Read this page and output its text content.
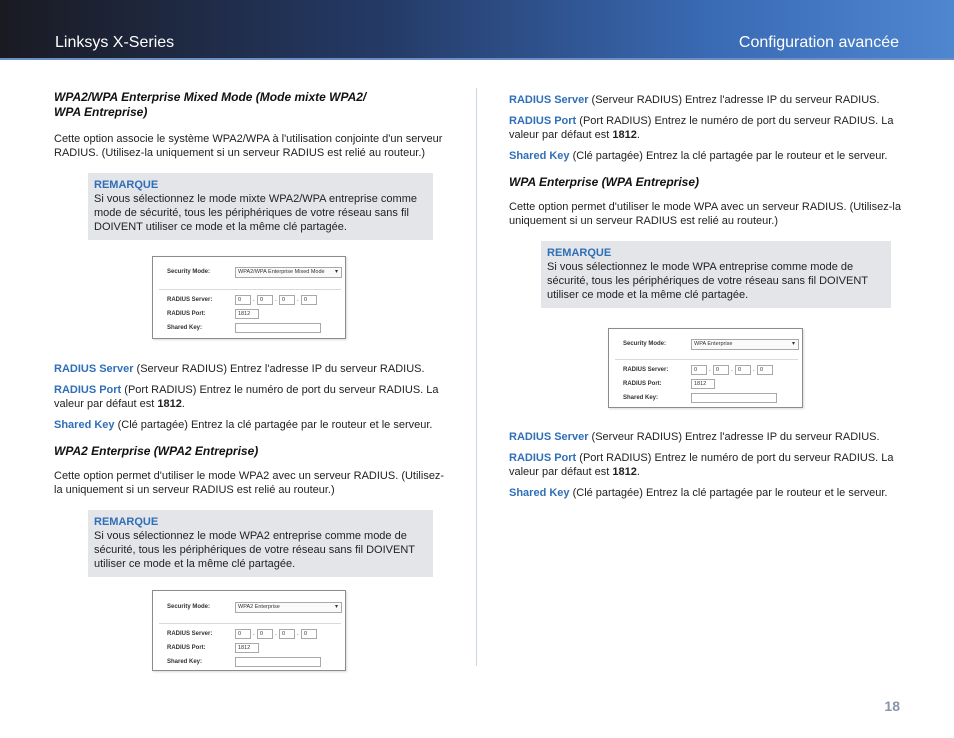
Linksys X-Series	Configuration avancée
WPA2/WPA Enterprise Mixed Mode (Mode mixte WPA2/
WPA Entreprise)

Cette option associe le système WPA2/WPA à l'utilisation conjointe d'un serveur RADIUS. (Utilisez-la uniquement si un serveur RADIUS est relié au routeur.)

REMARQUE
Si vous sélectionnez le mode mixte WPA2/WPA entreprise comme mode de sécurité, tous les périphériques de votre réseau sans fil DOIVENT utiliser ce mode et la même clé partagée.
Security Mode:	WPA2/WPA Enterprise Mixed Mode ▾
RADIUS Server:	0	. 0	. 0	. 0
RADIUS Port:	1812
Shared Key:

RADIUS Server (Serveur RADIUS) Entrez l'adresse IP du serveur RADIUS.

RADIUS Port (Port RADIUS) Entrez le numéro de port du serveur RADIUS. La valeur par défaut est 1812.

Shared Key (Clé partagée) Entrez la clé partagée par le routeur et le serveur.

WPA2 Enterprise (WPA2 Entreprise)

Cette option permet d'utiliser le mode WPA2 avec un serveur RADIUS. (Utilisez-la uniquement si un serveur RADIUS est relié au routeur.)

REMARQUE
Si vous sélectionnez le mode WPA2 entreprise comme mode de sécurité, tous les périphériques de votre réseau sans fil DOIVENT utiliser ce mode et la même clé partagée.
Security Mode:	WPA2 Enterprise	▾
RADIUS Server:	0	. 0	. 0	. 0
RADIUS Port:	1812
Shared Key:

RADIUS Server (Serveur RADIUS) Entrez l'adresse IP du serveur RADIUS.

RADIUS Port (Port RADIUS) Entrez le numéro de port du serveur RADIUS. La valeur par défaut est 1812.

Shared Key (Clé partagée) Entrez la clé partagée par le routeur et le serveur.

WPA Enterprise (WPA Entreprise)

Cette option permet d'utiliser le mode WPA avec un serveur RADIUS. (Utilisez-la uniquement si un serveur RADIUS est relié au routeur.)

REMARQUE
Si vous sélectionnez le mode WPA entreprise comme mode de sécurité, tous les périphériques de votre réseau sans fil DOIVENT utiliser ce mode et la même clé partagée.
Security Mode:	WPA Enterprise	▾
RADIUS Server:	0	. 0	. 0	. 0
RADIUS Port:	1812
Shared Key:

RADIUS Server (Serveur RADIUS) Entrez l'adresse IP du serveur RADIUS.

RADIUS Port (Port RADIUS) Entrez le numéro de port du serveur RADIUS. La valeur par défaut est 1812.

Shared Key (Clé partagée) Entrez la clé partagée par le routeur et le serveur.

18
